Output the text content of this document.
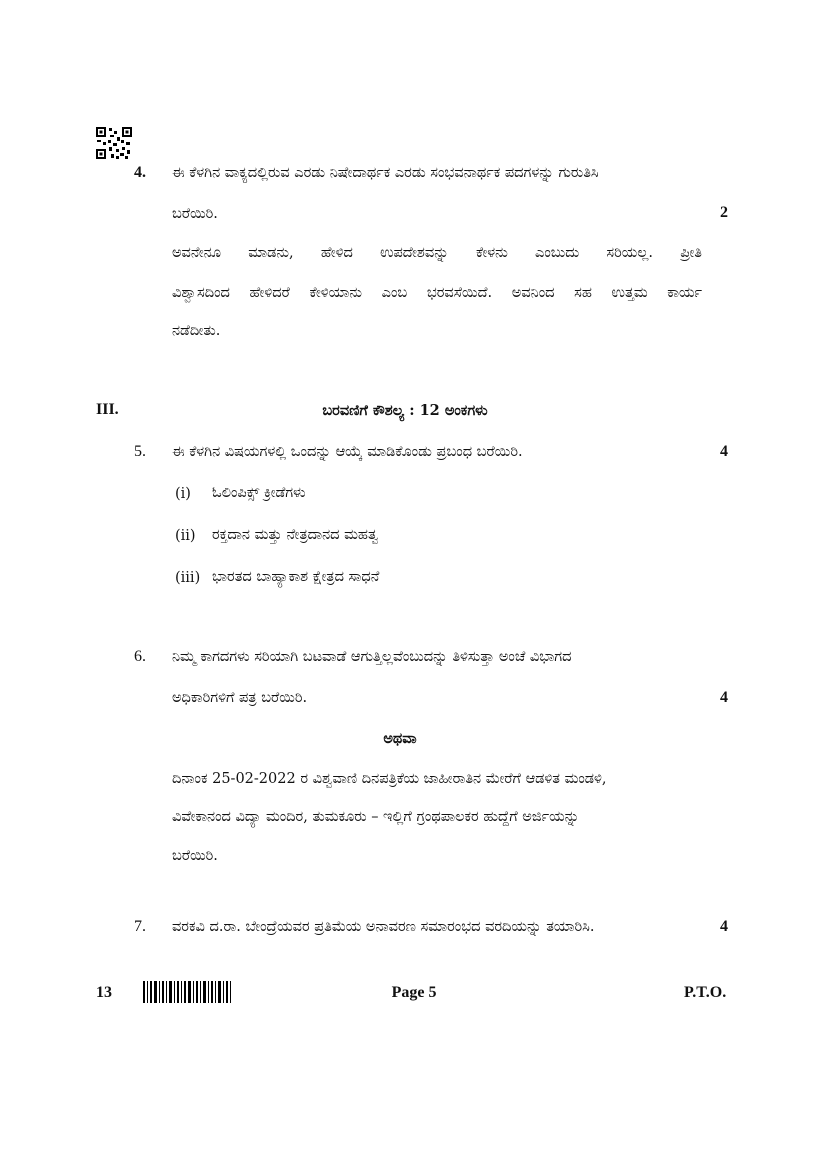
4. ಈ ಕೆಳಗಿನ ವಾಕ್ಯದಲ್ಲಿರುವ ಎರಡು ನಿಷೇದಾರ್ಥಕ ಎರಡು ಸಂಭವನಾರ್ಥಕ ಪದಗಳನ್ನು ಗುರುತಿಸಿ
ಬರೆಯಿರಿ.	2
ಅವನೇನೂ ಮಾಡನು, ಹೇಳಿದ ಉಪದೇಶವನ್ನು ಕೇಳನು ಎಂಬುದು ಸರಿಯಲ್ಲ. ಪ್ರೀತಿ
ವಿಶ್ವಾಸದಿಂದ ಹೇಳಿದರೆ ಕೇಳಿಯಾನು ಎಂಬ ಭರವಸೆಯಿದೆ. ಅವನಿಂದ ಸಹ ಉತ್ತಮ ಕಾರ್ಯ
ನಡೆದೀತು.
III.	ಬರವಣಿಗೆ ಕೌಶಲ್ಯ : 12 ಅಂಕಗಳು
5. ಈ ಕೆಳಗಿನ ವಿಷಯಗಳಲ್ಲಿ ಒಂದನ್ನು ಆಯ್ಕೆ ಮಾಡಿಕೊಂಡು ಪ್ರಬಂಧ ಬರೆಯಿರಿ.	4
(i) ಓಲಿಂಪಿಕ್ಸ್ ಕ್ರೀಡೆಗಳು
(ii) ರಕ್ತದಾನ ಮತ್ತು ನೇತ್ರದಾನದ ಮಹತ್ವ
(iii) ಭಾರತದ ಬಾಹ್ಯಾಕಾಶ ಕ್ಷೇತ್ರದ ಸಾಧನೆ
6. ನಿಮ್ಮ ಕಾಗದಗಳು ಸರಿಯಾಗಿ ಬಟವಾಡೆ ಆಗುತ್ತಿಲ್ಲವೆಂಬುದನ್ನು ತಿಳಿಸುತ್ತಾ ಅಂಚೆ ವಿಭಾಗದ
ಅಧಿಕಾರಿಗಳಿಗೆ ಪತ್ರ ಬರೆಯಿರಿ.	4
ಅಥವಾ
ದಿನಾಂಕ 25-02-2022 ರ ವಿಶ್ವವಾಣಿ ದಿನಪತ್ರಿಕೆಯ ಜಾಹೀರಾತಿನ ಮೇರೆಗೆ ಆಡಳಿತ ಮಂಡಳಿ,
ವಿವೇಕಾನಂದ ವಿದ್ಯಾ ಮಂದಿರ, ತುಮಕೂರು – ಇಲ್ಲಿಗೆ ಗ್ರಂಥಪಾಲಕರ ಹುದ್ದೆಗೆ ಅರ್ಜಿಯನ್ನು
ಬರೆಯಿರಿ.
7. ವರಕವಿ ದ.ರಾ. ಬೇಂದ್ರೆಯವರ ಪ್ರತಿಮೆಯ ಅನಾವರಣ ಸಮಾರಂಭದ ವರದಿಯನ್ನು ತಯಾರಿಸಿ.	4
13	Page 5	P.T.O.
